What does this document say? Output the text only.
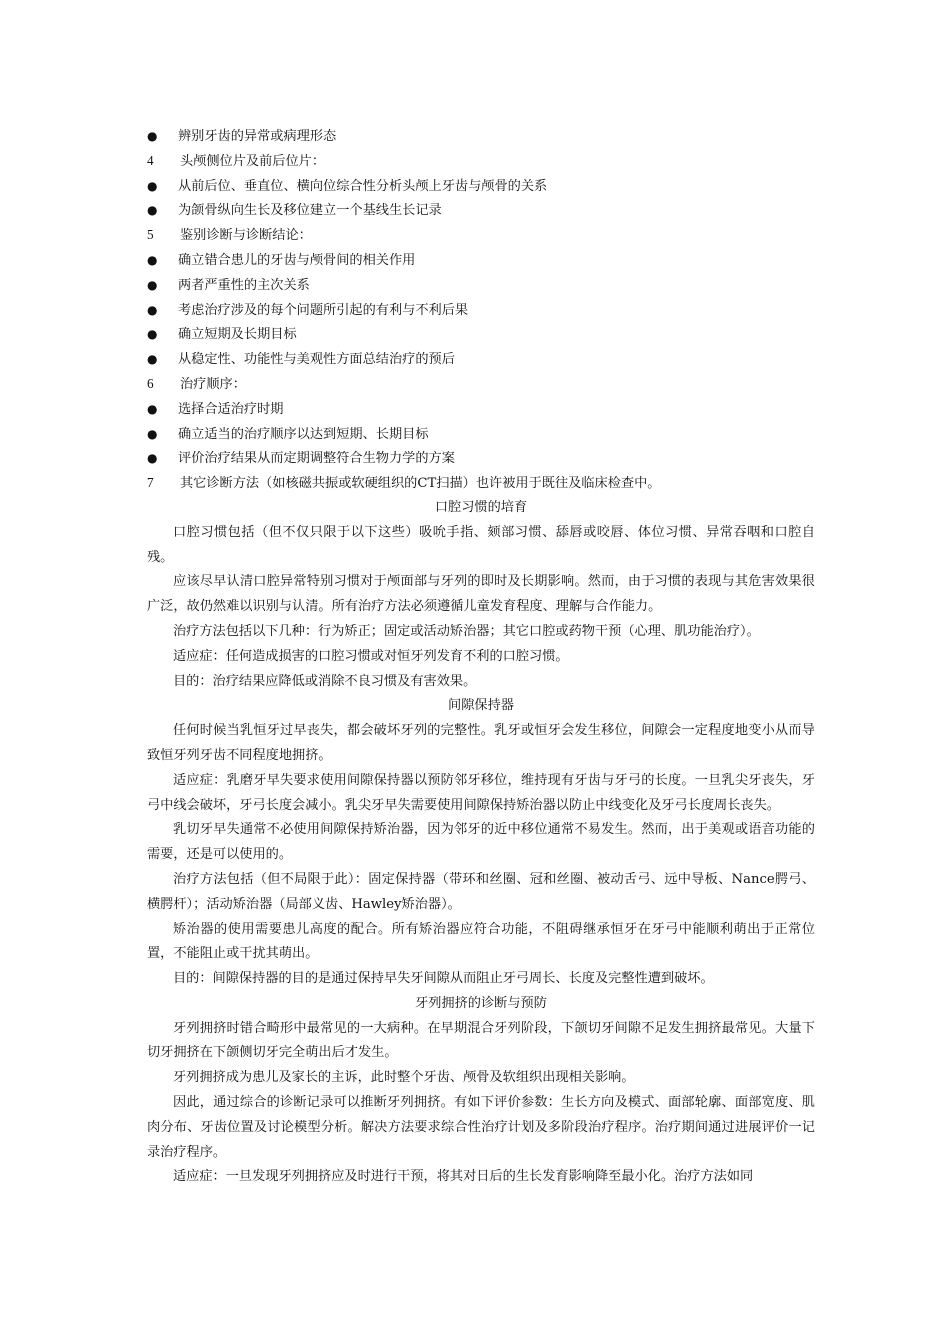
● 辨别牙齿的异常或病理形态
4 头颅侧位片及前后位片：
● 从前后位、垂直位、横向位综合性分析头颅上牙齿与颅骨的关系
● 为颌骨纵向生长及移位建立一个基线生长记录
5 鉴别诊断与诊断结论：
● 确立错合患儿的牙齿与颅骨间的相关作用
● 两者严重性的主次关系
● 考虑治疗涉及的每个问题所引起的有利与不利后果
● 确立短期及长期目标
● 从稳定性、功能性与美观性方面总结治疗的预后
6 治疗顺序：
● 选择合适治疗时期
● 确立适当的治疗顺序以达到短期、长期目标
● 评价治疗结果从而定期调整符合生物力学的方案
7 其它诊断方法（如核磁共振或软硬组织的CT扫描）也许被用于既往及临床检查中。
口腔习惯的培育
口腔习惯包括（但不仅只限于以下这些）吸吮手指、颏部习惯、舔唇或咬唇、体位习惯、异常吞咽和口腔自残。
应该尽早认清口腔异常特别习惯对于颅面部与牙列的即时及长期影响。然而，由于习惯的表现与其危害效果很广泛，故仍然难以识别与认清。所有治疗方法必须遵循儿童发育程度、理解与合作能力。
治疗方法包括以下几种：行为矫正；固定或活动矫治器；其它口腔或药物干预（心理、肌功能治疗）。
适应症：任何造成损害的口腔习惯或对恒牙列发育不利的口腔习惯。
目的：治疗结果应降低或消除不良习惯及有害效果。
间隙保持器
任何时候当乳恒牙过早丧失，都会破坏牙列的完整性。乳牙或恒牙会发生移位，间隙会一定程度地变小从而导致恒牙列牙齿不同程度地拥挤。
适应症：乳磨牙早失要求使用间隙保持器以预防邻牙移位，维持现有牙齿与牙弓的长度。一旦乳尖牙丧失，牙弓中线会破坏，牙弓长度会减小。乳尖牙早失需要使用间隙保持矫治器以防止中线变化及牙弓长度周长丧失。
乳切牙早失通常不必使用间隙保持矫治器，因为邻牙的近中移位通常不易发生。然而，出于美观或语音功能的需要，还是可以使用的。
治疗方法包括（但不局限于此）：固定保持器（带环和丝圈、冠和丝圈、被动舌弓、远中导板、Nance腭弓、横腭杆）；活动矫治器（局部义齿、Hawley矫治器）。
矫治器的使用需要患儿高度的配合。所有矫治器应符合功能，不阻碍继承恒牙在牙弓中能顺利萌出于正常位置，不能阻止或干扰其萌出。
目的：间隙保持器的目的是通过保持早失牙间隙从而阻止牙弓周长、长度及完整性遭到破坏。
牙列拥挤的诊断与预防
牙列拥挤时错合畸形中最常见的一大病种。在早期混合牙列阶段，下颌切牙间隙不足发生拥挤最常见。大量下切牙拥挤在下颌侧切牙完全萌出后才发生。
牙列拥挤成为患儿及家长的主诉，此时整个牙齿、颅骨及软组织出现相关影响。
因此，通过综合的诊断记录可以推断牙列拥挤。有如下评价参数：生长方向及模式、面部轮廓、面部宽度、肌肉分布、牙齿位置及讨论模型分析。解决方法要求综合性治疗计划及多阶段治疗程序。治疗期间通过进展评价一记录治疗程序。
适应症：一旦发现牙列拥挤应及时进行干预，将其对日后的生长发育影响降至最小化。治疗方法如同
